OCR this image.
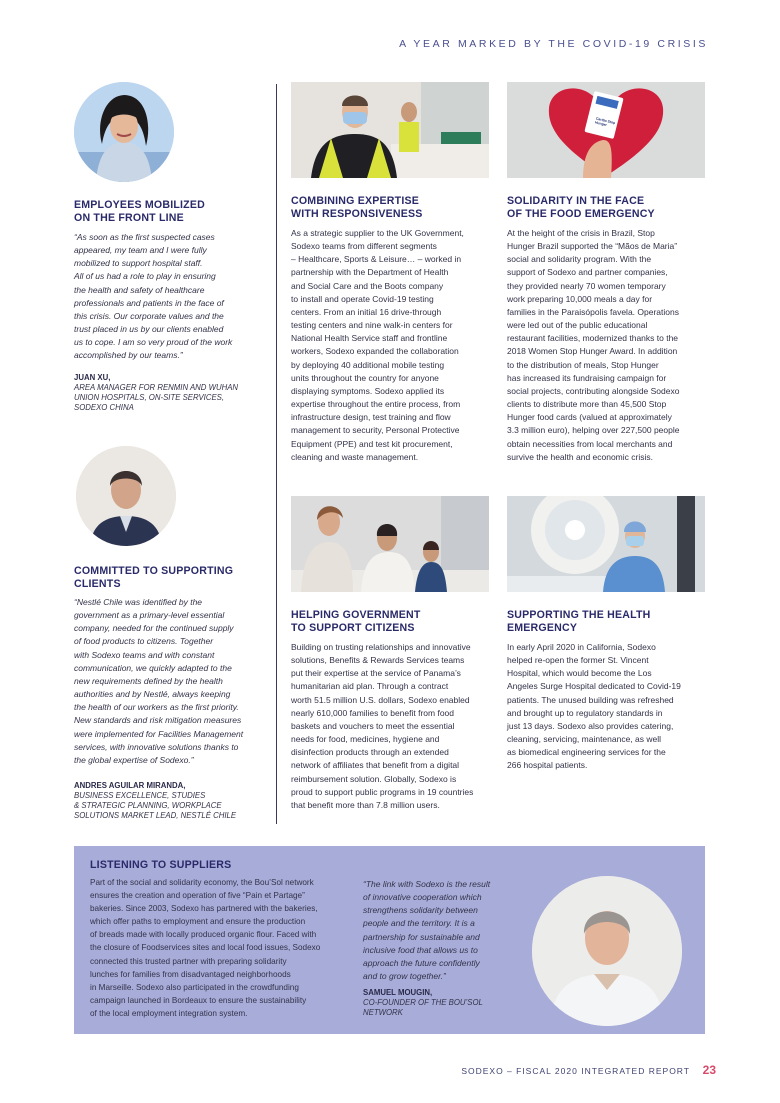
A YEAR MARKED BY THE COVID-19 CRISIS
EMPLOYEES MOBILIZED
ON THE FRONT LINE
“As soon as the first suspected cases
appeared, my team and I were fully
mobilized to support hospital staff.
All of us had a role to play in ensuring
the health and safety of healthcare
professionals and patients in the face of
this crisis. Our corporate values and the
trust placed in us by our clients enabled
us to cope. I am so very proud of the work
accomplished by our teams.”
JUAN XU,
AREA MANAGER FOR RENMIN AND WUHAN
UNION HOSPITALS, ON-SITE SERVICES,
SODEXO CHINA
COMMITTED TO SUPPORTING
CLIENTS
“Nestlé Chile was identified by the
government as a primary-level essential
company, needed for the continued supply
of food products to citizens. Together
with Sodexo teams and with constant
communication, we quickly adapted to the
new requirements defined by the health
authorities and by Nestlé, always keeping
the health of our workers as the first priority.
New standards and risk mitigation measures
were implemented for Facilities Management
services, with innovative solutions thanks to
the global expertise of Sodexo.”
ANDRES AGUILAR MIRANDA,
BUSINESS EXCELLENCE, STUDIES
& STRATEGIC PLANNING, WORKPLACE
SOLUTIONS MARKET LEAD, NESTLÉ CHILE
COMBINING EXPERTISE
WITH RESPONSIVENESS
As a strategic supplier to the UK Government,
Sodexo teams from different segments
– Healthcare, Sports & Leisure… – worked in
partnership with the Department of Health
and Social Care and the Boots company
to install and operate Covid-19 testing
centers. From an initial 16 drive-through
testing centers and nine walk-in centers for
National Health Service staff and frontline
workers, Sodexo expanded the collaboration
by deploying 40 additional mobile testing
units throughout the country for anyone
displaying symptoms. Sodexo applied its
expertise throughout the entire process, from
infrastructure design, test training and flow
management to security, Personal Protective
Equipment (PPE) and test kit procurement,
cleaning and waste management.
Cartão Stop Hunger
SOLIDARITY IN THE FACE
OF THE FOOD EMERGENCY
At the height of the crisis in Brazil, Stop
Hunger Brazil supported the “Mãos de Maria”
social and solidarity program. With the
support of Sodexo and partner companies,
they provided nearly 70 women temporary
work preparing 10,000 meals a day for
families in the Paraisópolis favela. Operations
were led out of the public educational
restaurant facilities, modernized thanks to the
2018 Women Stop Hunger Award. In addition
to the distribution of meals, Stop Hunger
has increased its fundraising campaign for
social projects, contributing alongside Sodexo
clients to distribute more than 45,500 Stop
Hunger food cards (valued at approximately
3.3 million euro), helping over 227,500 people
obtain necessities from local merchants and
survive the health and economic crisis.
HELPING GOVERNMENT
TO SUPPORT CITIZENS
Building on trusting relationships and innovative
solutions, Benefits & Rewards Services teams
put their expertise at the service of Panama’s
humanitarian aid plan. Through a contract
worth 51.5 million U.S. dollars, Sodexo enabled
nearly 610,000 families to benefit from food
baskets and vouchers to meet the essential
needs for food, medicines, hygiene and
disinfection products through an extended
network of affiliates that benefit from a digital
reimbursement solution. Globally, Sodexo is
proud to support public programs in 19 countries
that benefit more than 7.8 million users.
SUPPORTING THE HEALTH
EMERGENCY
In early April 2020 in California, Sodexo
helped re-open the former St. Vincent
Hospital, which would become the Los
Angeles Surge Hospital dedicated to Covid-19
patients. The unused building was refreshed
and brought up to regulatory standards in
just 13 days. Sodexo also provides catering,
cleaning, servicing, maintenance, as well
as biomedical engineering services for the
266 hospital patients.
LISTENING TO SUPPLIERS
Part of the social and solidarity economy, the Bou’Sol network
ensures the creation and operation of five “Pain et Partage”
bakeries. Since 2003, Sodexo has partnered with the bakeries,
which offer paths to employment and ensure the production
of breads made with locally produced organic flour. Faced with
the closure of Foodservices sites and local food issues, Sodexo
connected this trusted partner with preparing solidarity
lunches for families from disadvantaged neighborhoods
in Marseille. Sodexo also participated in the crowdfunding
campaign launched in Bordeaux to ensure the sustainability
of the local employment integration system.
“The link with Sodexo is the result
of innovative cooperation which
strengthens solidarity between
people and the territory. It is a
partnership for sustainable and
inclusive food that allows us to
approach the future confidently
and to grow together.”
SAMUEL MOUGIN,
CO-FOUNDER OF THE BOU’SOL
NETWORK
SODEXO – FISCAL 2020 INTEGRATED REPORT 23
